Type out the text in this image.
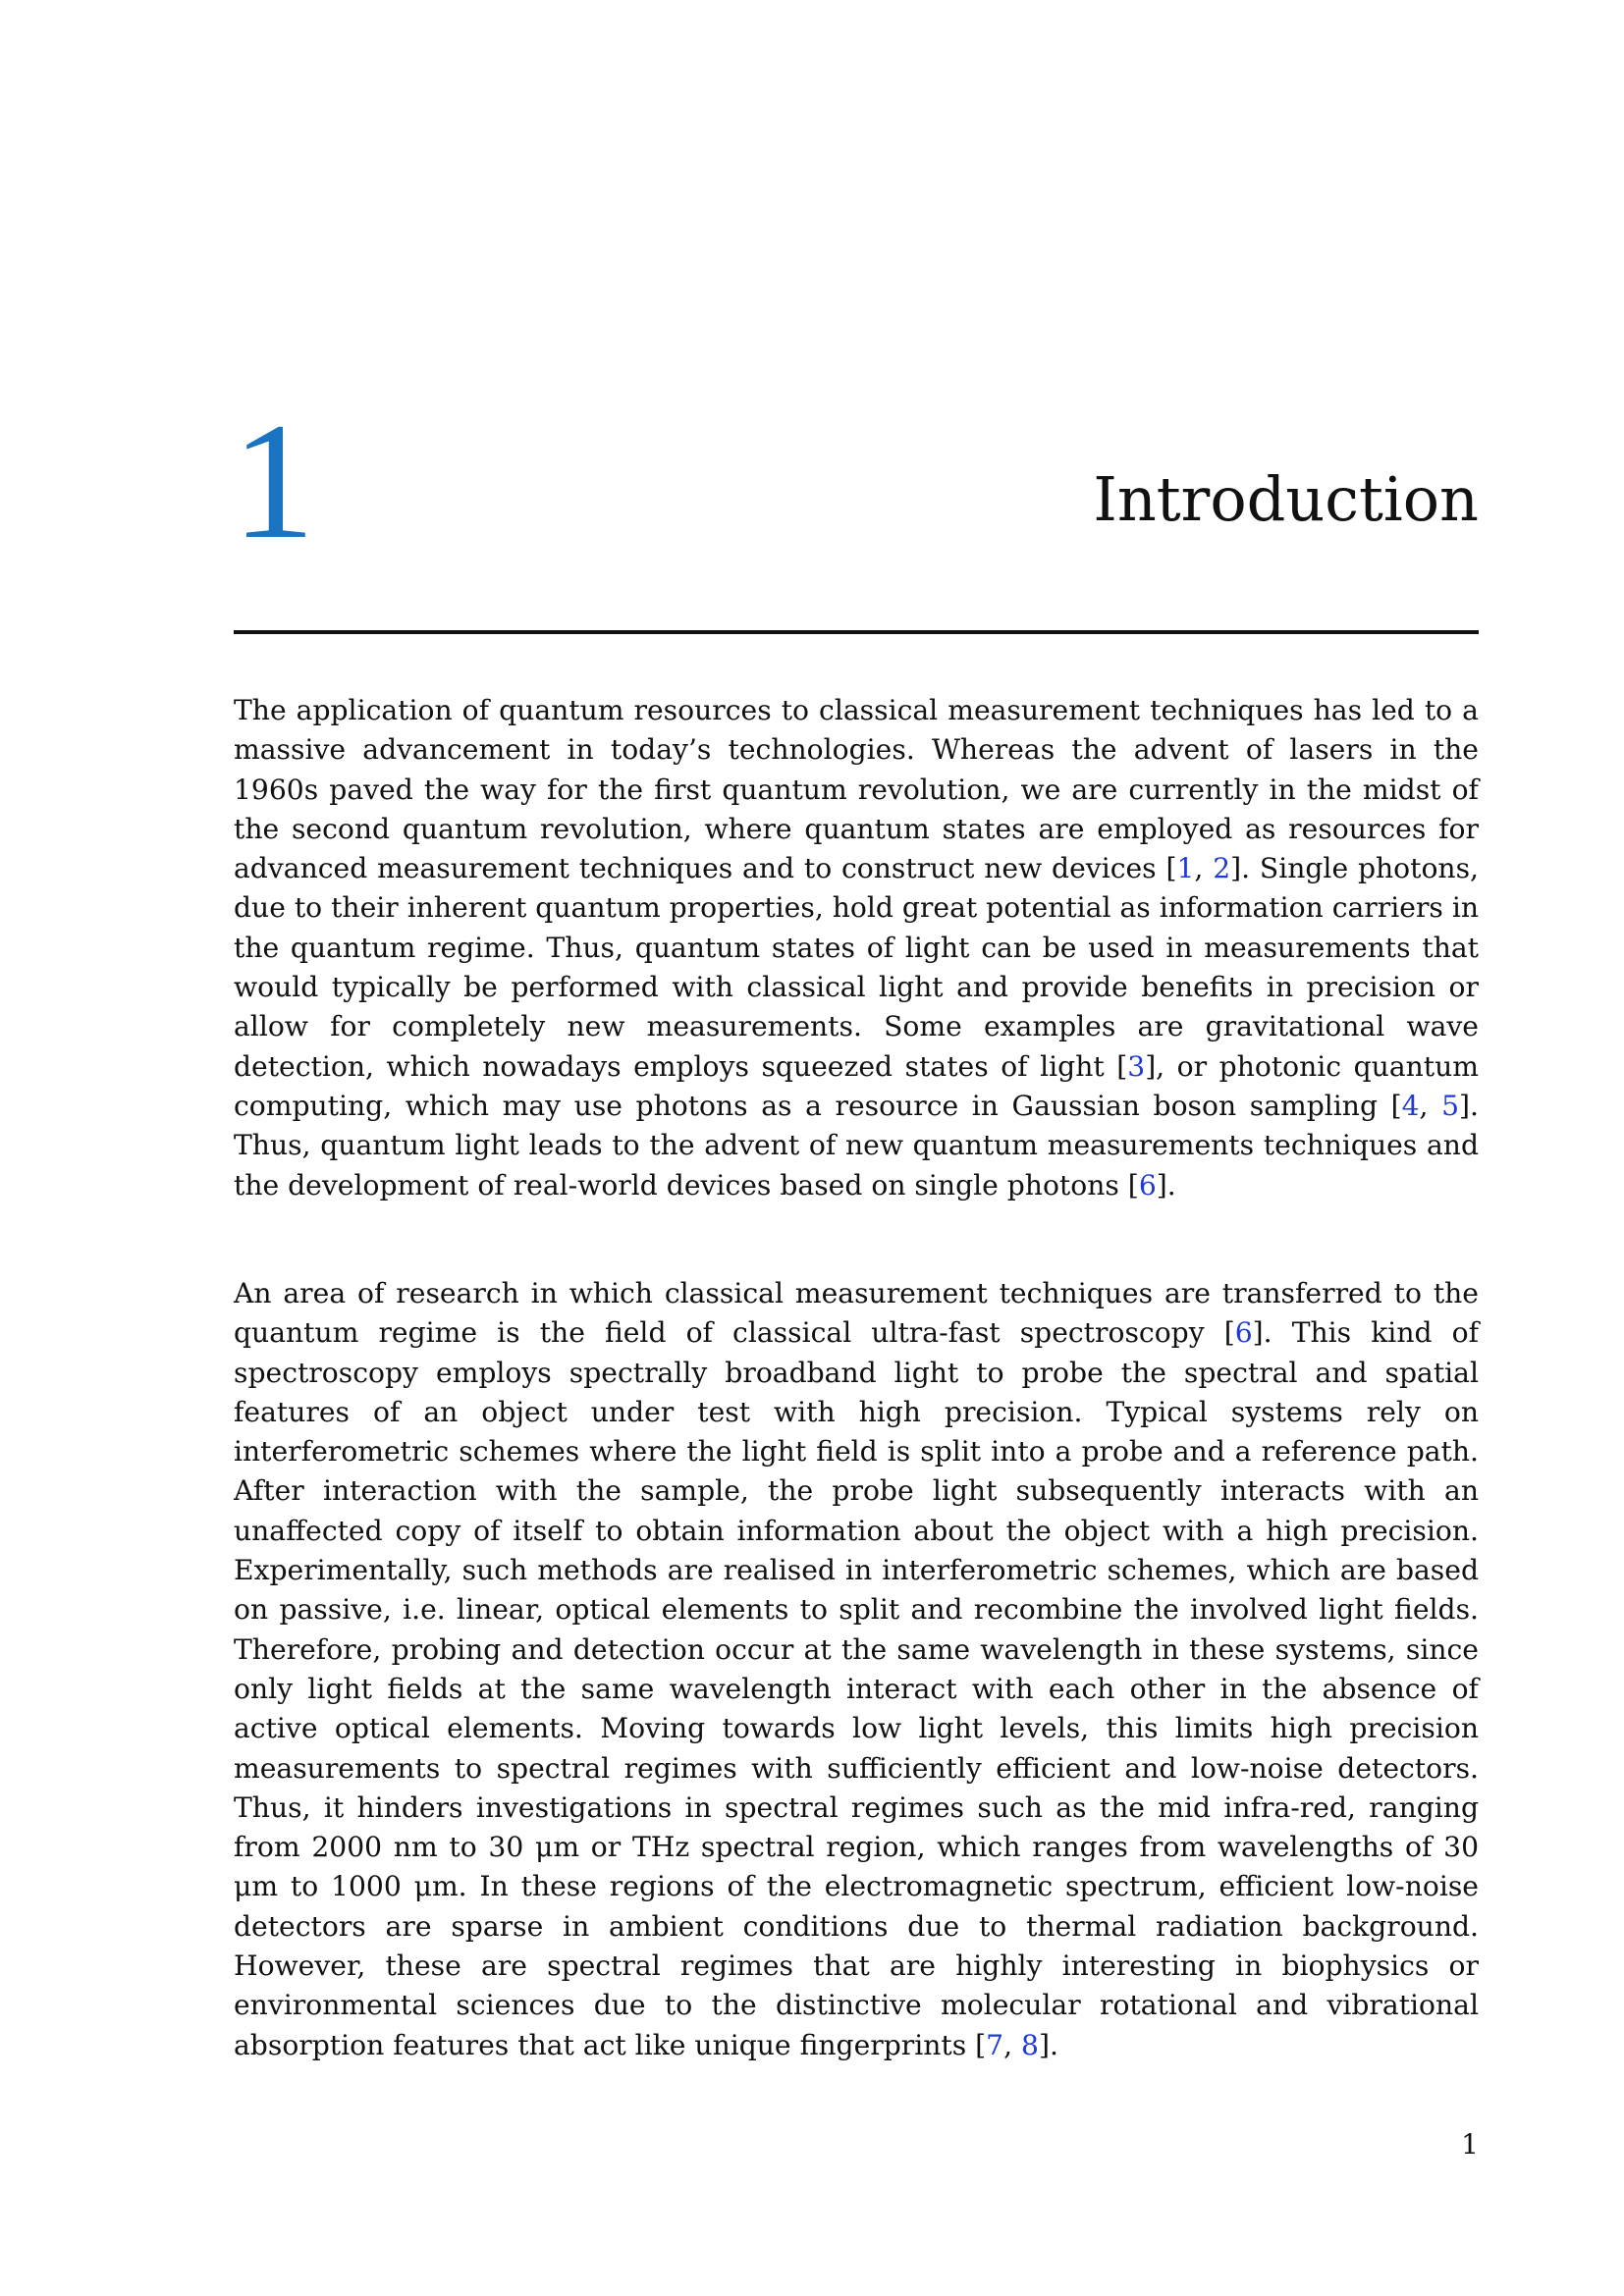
1	Introduction

The application of quantum resources to classical measurement techniques has led to a massive advancement in today’s technologies. Whereas the advent of lasers in the 1960s paved the way for the first quantum revolution, we are currently in the midst of the second quantum revolution, where quantum states are employed as resources for advanced measurement techniques and to construct new devices [1, 2]. Single photons, due to their inherent quantum properties, hold great potential as information carriers in the quantum regime. Thus, quantum states of light can be used in measurements that would typically be performed with classical light and provide benefits in precision or allow for completely new measurements. Some examples are gravitational wave detection, which nowadays employs squeezed states of light [3], or photonic quantum computing, which may use photons as a resource in Gaussian boson sampling [4, 5]. Thus, quantum light leads to the advent of new quantum measurements techniques and the development of real-world devices based on single photons [6].

An area of research in which classical measurement techniques are transferred to the quantum regime is the field of classical ultra-fast spectroscopy [6]. This kind of spectroscopy employs spectrally broadband light to probe the spectral and spatial features of an object under test with high precision. Typical systems rely on interferometric schemes where the light field is split into a probe and a reference path. After interaction with the sample, the probe light subsequently interacts with an unaffected copy of itself to obtain information about the object with a high precision. Experimentally, such methods are realised in interferometric schemes, which are based on passive, i.e. linear, optical elements to split and recombine the involved light fields. Therefore, probing and detection occur at the same wavelength in these systems, since only light fields at the same wavelength interact with each other in the absence of active optical elements. Moving towards low light levels, this limits high precision measurements to spectral regimes with sufficiently efficient and low-noise detectors. Thus, it hinders investigations in spectral regimes such as the mid infra-red, ranging from 2000 nm to 30 μm or THz spectral region, which ranges from wavelengths of 30 μm to 1000 μm. In these regions of the electromagnetic spectrum, efficient low-noise detectors are sparse in ambient conditions due to thermal radiation background. However, these are spectral regimes that are highly interesting in biophysics or environmental sciences due to the distinctive molecular rotational and vibrational absorption features that act like unique fingerprints [7, 8].

1
